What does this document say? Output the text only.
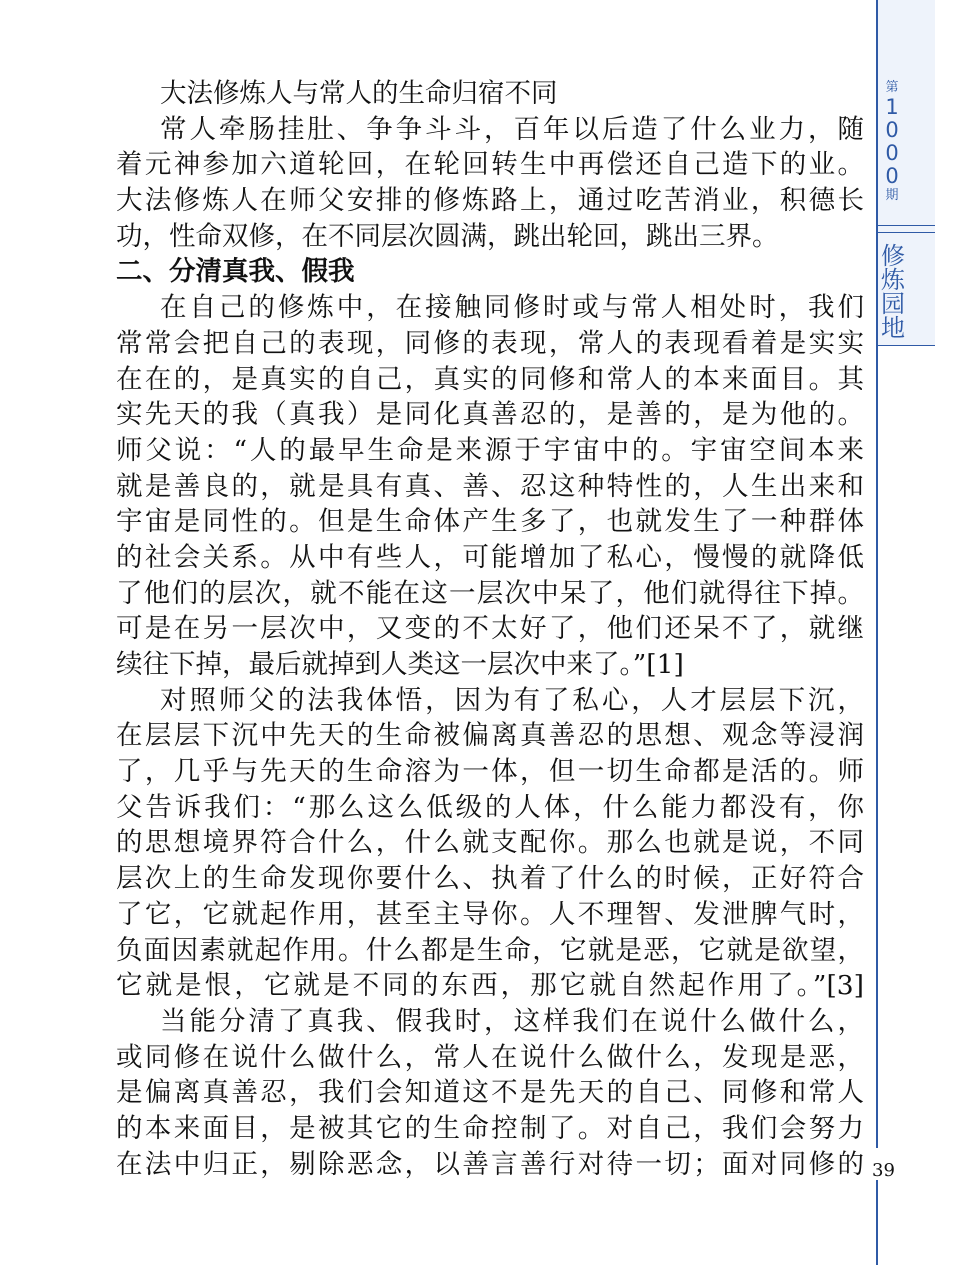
第
1
0
0
0
期
修
炼
园
地
39
大法修炼人与常人的生命归宿不同
常人牵肠挂肚、争争斗斗，百年以后造了什么业力，随
着元神参加六道轮回，在轮回转生中再偿还自己造下的业。
大法修炼人在师父安排的修炼路上，通过吃苦消业，积德长
功，性命双修，在不同层次圆满，跳出轮回，跳出三界。
二、分清真我、假我
在自己的修炼中，在接触同修时或与常人相处时，我们
常常会把自己的表现，同修的表现，常人的表现看着是实实
在在的，是真实的自己，真实的同修和常人的本来面目。其
实先天的我（真我）是同化真善忍的，是善的，是为他的。
师父说：“人的最早生命是来源于宇宙中的。宇宙空间本来
就是善良的，就是具有真、善、忍这种特性的，人生出来和
宇宙是同性的。但是生命体产生多了，也就发生了一种群体
的社会关系。从中有些人，可能增加了私心，慢慢的就降低
了他们的层次，就不能在这一层次中呆了，他们就得往下掉。
可是在另一层次中，又变的不太好了，他们还呆不了，就继
续往下掉，最后就掉到人类这一层次中来了。”[1]
对照师父的法我体悟，因为有了私心，人才层层下沉，
在层层下沉中先天的生命被偏离真善忍的思想、观念等浸润
了，几乎与先天的生命溶为一体，但一切生命都是活的。师
父告诉我们：“那么这么低级的人体，什么能力都没有，你
的思想境界符合什么，什么就支配你。那么也就是说，不同
层次上的生命发现你要什么、执着了什么的时候，正好符合
了它，它就起作用，甚至主导你。人不理智、发泄脾气时，
负面因素就起作用。什么都是生命，它就是恶，它就是欲望，
它就是恨，它就是不同的东西，那它就自然起作用了。”[3]
当能分清了真我、假我时，这样我们在说什么做什么，
或同修在说什么做什么，常人在说什么做什么，发现是恶，
是偏离真善忍，我们会知道这不是先天的自己、同修和常人
的本来面目，是被其它的生命控制了。对自己，我们会努力
在法中归正，剔除恶念，以善言善行对待一切；面对同修的
